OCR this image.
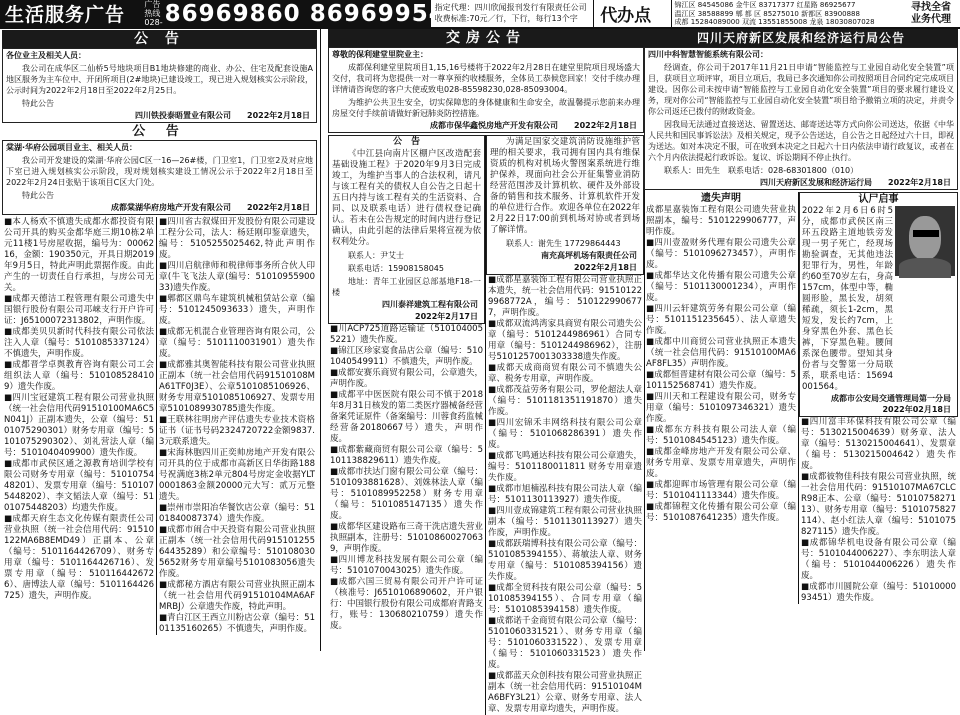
生活服务广告	广告热线
028- 86969860
86969954
指定代理：四川欣闻报刊发行有限责任公司
收费标准:70元／行，下行，每行13个字	代办点
锦江区 84545086 金牛区 83717377 红星路 86925677
温江区 38588899 郫 都 区 85275010 新都区 83900888
成都 15284089000 双流 13551855008 龙泉 18030807028
寻找全省
业务代理
公 告
各位业主及相关人员：
我公司在成华区二仙桥5号地块项目B1地块修建的商业、办公、住宅及配套设施A地区服务为主车位中、开闭所项目(2#地块)已建设竣工，现已进入规划核实公示阶段，公示时间为2022年2月18日至2022年2月25日。
特此公告
四川铁投泰晤置业有限公司　　2022年2月18日
公 告
棠湖·华府公园项目业主、相关人员：
我公司开发建设的棠湖·华府公园C区一16—26#楼，门卫室1，门卫室2及对应地下室已进入规划核实公示阶段，现对规划核实建设工情况公示于2022年2月18日至2022年2月24日张贴于该项目C区大门处。
特此公告
成都棠湖华府房地产开发有限公司　　2022年2月18日
■本人杨欢不慎遗失成都水都投资有限公司开具的购买金都华庭三期10栋2单元11楼1号房屋收据，编号为：0006216，金额：190350元，开具日期2019年9月5日，特此声明此票据作废。由此产生的一切责任自行承担，与房公司无关。
■成都天德洁工程管理有限公司遗失中国银行股份有限公司邛崃支行开户许可证：J65100072313802，声明作废。
■成都美贝贝新时代科技有限公司依法注入人章（编号：5101085337124）不慎遗失，声明作废。
■成都晋学卓舆教育咨询有限公司工会组织法人章（编号：5101085284109）遗失作废。
■四川宝冠建筑工程有限公司营业执照（统一社会信用代码91510100MA6C5N041J）正副本遗失，公章（编号：5101075290301）财务专用章（编号：5101075290302）、刘礼营法人章（编号：5101040409900）遗失作废。
■成都市武侯区通之源教育培训学校有限公司财务专用章（编号：5101075448201）、发票专用章（编号：5101075448202）、李文韬法人章（编号：5101075448203）均遗失作废。
■成都天府生态文化传媒有限责任公司营业执照（统一社会信用代码：91510122MA6B8EMD49）正副本、公章（编号：5101164426709）、财务专用章（编号：5101164426716）、发票专用章（编号：5101164426726）、唐博法人章（编号：5101164426725）遗失，声明作废。
■四川省古叙煤田开发股份有限公司建设工程分公司，法人：杨廷刚印鉴章遗失，编号：5105255025462,特此声明作废。
■四川启航律师和税律师事务所合伙人印章(牛飞飞法人章(编号：5101095590033)遗失作废。
■郫都区鼎鸟车建筑机械租赁站公章（编号：5101245093633）遗失，声明作废。
■成都无机混合业管理咨询有限公司，公章（编号：5101110031901）遗失作废。
■成都雅其奥智能科技有限公司营业执照正副本（统一社会信用代码91510108MA61TF0J3E）、公章5101085106926、财务专用章5101085106927、发票专用章5101089930785遗失作废。
■王联林往明房产评估遗失专业技术资格证书（证书号码2324720722金额9837.3元联系遗失。
■宋海林胞四川正奕帅房地产开发有限公司开具的位于成都市高新区日华街路188号祝满庭3栋2单元804号房定金收据YLT0001863金额20000元大写：贰万元整遗失。
■崇州市崇阳冶华餐饮店公章（编号：5101840087374）遗失作废。
■成都市闹合中天投资有限公司营业执照正副本（统一社会信用代码91510125564435289）和公章编号：5101080305652财务专用章编号5101083056遗失作废。
■成都秘方酒店有限公司营业执照正副本（统一社会信用代码91510104MA6AFMRBJ）公章遗失作废，特此声明。
■青白江区王西立川粉店公章（编号：5101135160265）不慎遗失，声明作废。
交房公告
尊敬的保利建堂里院业主：
成都保利建堂里院项目1,15,16号楼将于2022年2月28日在建堂里院项目现场盛大交付，我司将为您提供一对一尊享预约收楼服务，全体员工恭候您回家！交付手续办理详情请咨询您的客户大使或致电028-85598230,028-85093004。
为维护公共卫生安全，切实保障您的身体健康和生命安全，故温馨提示您前来办理房屋交付手续前请做好新冠肺炎防控措施。
成都市保华鑫悦房地产开发有限公司　　2022年2月18日
公　告
《中江县向南片区棚户区改造配套基础设施工程》于2020年9月3日完成竣工，为维护当事人的合法权利，请凡与该工程有关的债权人自公告之日起十五日内持与该工程有关的生活资料、合同、以及联系电话）进行债权登记确认。若未在公告规定的时间内进行登记确认，由此引起的法律后果将宣视为依权利处分。
联系人：尹艾士
联系电话：15908158045
地址：青年工业园区总部基地F18-一楼
四川泰祥建筑工程有限公司
2022年2月17日
■川ACP725道路运输证（5101040055221）遗失作废。
■锦江区珍家宴食品店公章（编号：5101040549911）不慎遗失，声明作废。
■成都安赛乐商贸有限公司，公章遗失，声明作废。
■成都平中医医院有限公司不慎于2018年8月31日核发的第二类医疗器械备经营备案凭证原件（备案编号：川蓉食药监械经营备20180667号）遗失，声明作废。
■成都紫藏商贸有限公司公章（编号：5101138829611）遗失作废。
■成都市扶达门窗有限公司公章（编号：5101093881628）、刘姝林法人章（编号：5101089952258）财务专用章（编号：5101085147135）遗失作废。
■成都华区建设路布三奇干洗店遗失营业执照副本，注册号：510108600270639，声明作废。
■四川博龙科技发展有限公司公章（编号：5101070043025）遗失作废。
■成都六国三贸易有限公司开户许可证（核准号：J6510106890602，开户银行：中国银行股份有限公司成都府青路支行，账号：130680210759）遗失作废。
为满足国家交建筑消防设施维护管理的相关要求，我司拥有国内具有维保资质的机构对机场火警图案系统进行维护保养，现面向社会公开征集警业消防经营范围涉及计算机软、硬件及外部设备的销售和技术服务、计算机软件开发的单位进行合作。欢迎各单位在2022年2月22日17:00前到机场对协或者到场了解详情。
联系人：谢先生 17729864443
南充高坪机场有限责任公司
2022年2月18日
■成都星嘉装饰工程有限公司营业执照正本遗失，统一社会信用代码：915101229968772A，编号：5101229906777，声明作废。
■成都双流鸿湾家具商贸有限公司遗失公章（编号：5101244986961）合同专用章（编号：5101244986962），注册号5101257001303338遗失作废。
■成都天成商商贸有限公司不慎遗失公章、税务专用章，声明作废。
■成都茂益劳务有限公司，罗伦超法人章（编号：5101181351191870）遗失作废。
■四川宏锦禾丰网络科技有限公司公章（编号：5101068286391）遗失作废。
■成都飞鸣通达科技有限公司公章遗失，编号：5101180011811 财务专用章遗失作废。
■成都市旭楠泓科技有限公司法人章（编号：5101130113927）遗失作废。
■四川壹成锦建筑工程有限公司营业执照副本（编号：5101130113927）遗失作废，声明作废。
■成都跃瑞博科技有限公司公章（编号：5101085394155）、蒋敏法人章、财务专用章（编号：5101085394156）遗失作废。
■成都全贸科技有限公司公章（编号：5101085394155）、合同专用章（编号：5101085394158）遗失作废。
■成都诺千金商贸有限公司公章（编号：5101060331521）、财务专用章（编号：5101060331522）、发票专用章（编号：5101060331523）遗失作废。
■成都蓝天众创科技有限公司营业执照正副本（统一社会信用代码：91510104MA6BFY3L21）公章、财务专用章、法人章、发票专用章均遗失，声明作废。
四川天府新区发展和经济运行局公告
四川中科智慧智能系统有限公司：
经调查，你公司于2017年11月21日申请“智能监控与工业园自动化安全装置”项目，获项目立项评审，项目立项后，我局已多次通知你公司按照项目合同约定完成项目建设。因你公司未按申请“智能监控与工业园自动化安全装置”项目的要求履行建设义务，现对你公司“智能监控与工业园自动化安全装置”项目给予撤销立项的决定，并责令你公司返还已拨付的财政资金。
因我局无法通过直接送达、留置送达、邮寄送达等方式向你公司送达，依据《中华人民共和国民事诉讼法》及相关规定，现予公告送达，自公告之日起经过六十日，即视为送达。如对本决定不服，可在收到本决定之日起六十日内依法申请行政复议，或者在六个月内依法提起行政诉讼。复议、诉讼期间不停止执行。
联系人：田先生　联系电话：028-68301800（010）
四川天府新区发展和经济运行局　　2022年2月18日
遗失声明
成都星嘉装饰工程有限公司遗失营业执照副本，编号：5101229906777，声明作废。
■四川壹盈财务代理有限公司遗失公章（编号：5101096273457），声明作废。
■成都华达文化传播有限公司遗失公章（编号：5101130001234），声明作废。
■四川云轩建筑劳务有限公司公章（编号：5101151235645）、法人章遗失作废。
■成都中川商贸公司营业执照正本遗失（统一社会信用代码：91510100MA6AF8FL35）声明作废。
■成都恒晋建材有限公司公章（编号：5101152568741）遗失作废。
■四川天和工程建设有限公司，财务专用章（编号：5101097346321）遗失作废。
■成都东方科技有限公司法人章（编号：5101084545123）遗失作废。
■成都金峰房地产开发有限公司公章、财务专用章、发票专用章遗失，声明作废。
■成都迎晖市场管理有限公司公章（编号：5101041113344）遗失作废。
■成都锦程文化传播有限公司公章（编号：5101087641235）遗失作废。
认尸启事
2022年2月6日6时5分，成都市武侯区南三环五段路主道地铁旁发现一男子死亡，经现场勘验调查，无其他违法犯罪行为，男性，年龄约60至70岁左右，身高157cm，体型中等，椭圆形脸，黑长发，胡须稀疏，须长1-2cm，黑短发，发长约7cm，上身穿黑色外套、黑色长裤，下穿黑色鞋。腰间系深色腰带。望知其身份者与交警第一分局联系，联系电话：15694001564。
成都市公安局交通管理局第一分局　2022年02月18日
■四川富丰环保科技有限公司公章（编号：5130215004639）财务章、法人章（编号：5130215004641）、发票章（编号：5130215004642）遗失作废。
■成都彼物佳科技有限公司营业执照，统一社会信用代码：91510107MA67CLCR98正本、公章（编号：5101075827113）、财务专用章（编号：5101075827114）、赵小红法人章（编号：5101075827115）遗失作废。
■成都锦华机电设备有限公司公章（编号：5101044006227）、李东明法人章（编号：5101044006226）遗失作废。
■成都市川圆院公章（编号：5101000093451）遗失作废。
